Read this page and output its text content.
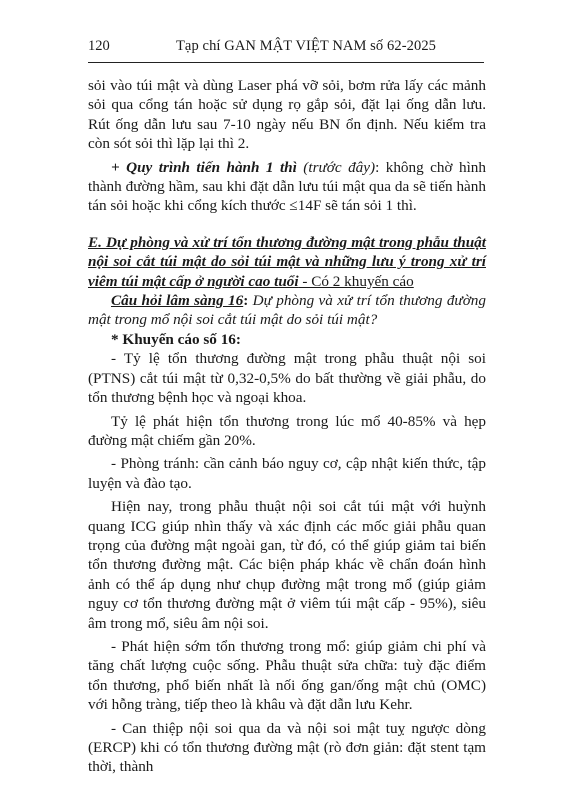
120	Tạp chí GAN MẬT VIỆT NAM số 62-2025

sỏi vào túi mật và dùng Laser phá vỡ sỏi, bơm rửa lấy các mảnh sỏi qua cổng tán hoặc sử dụng rọ gắp sỏi, đặt lại ống dẫn lưu. Rút ống dẫn lưu sau 7-10 ngày nếu BN ổn định. Nếu kiểm tra còn sót sỏi thì lặp lại thì 2.

+ Quy trình tiến hành 1 thì (trước đây): không chờ hình thành đường hầm, sau khi đặt dẫn lưu túi mật qua da sẽ tiến hành tán sỏi hoặc khi cổng kích thước ≤14F sẽ tán sỏi 1 thì.

E. Dự phòng và xử trí tổn thương đường mật trong phẫu thuật nội soi cắt túi mật do sỏi túi mật và những lưu ý trong xử trí viêm túi mật cấp ở người cao tuổi - Có 2 khuyến cáo

Câu hỏi lâm sàng 16: Dự phòng và xử trí tổn thương đường mật trong mổ nội soi cắt túi mật do sỏi túi mật?

* Khuyến cáo số 16:

- Tỷ lệ tổn thương đường mật trong phẫu thuật nội soi (PTNS) cắt túi mật từ 0,32-0,5% do bất thường về giải phẫu, do tổn thương bệnh học và ngoại khoa.

Tỷ lệ phát hiện tổn thương trong lúc mổ 40-85% và hẹp đường mật chiếm gần 20%.

- Phòng tránh: cần cảnh báo nguy cơ, cập nhật kiến thức, tập luyện và đào tạo.

Hiện nay, trong phẫu thuật nội soi cắt túi mật với huỳnh quang ICG giúp nhìn thấy và xác định các mốc giải phẫu quan trọng của đường mật ngoài gan, từ đó, có thể giúp giảm tai biến tổn thương đường mật. Các biện pháp khác về chẩn đoán hình ảnh có thể áp dụng như chụp đường mật trong mổ (giúp giảm nguy cơ tổn thương đường mật ở viêm túi mật cấp - 95%), siêu âm trong mổ, siêu âm nội soi.

- Phát hiện sớm tổn thương trong mổ: giúp giảm chi phí và tăng chất lượng cuộc sống. Phẫu thuật sửa chữa: tuỳ đặc điểm tổn thương, phổ biến nhất là nối ống gan/ống mật chủ (OMC) với hỗng tràng, tiếp theo là khâu và đặt dẫn lưu Kehr.

- Can thiệp nội soi qua da và nội soi mật tuỵ ngược dòng (ERCP) khi có tổn thương đường mật (rò đơn giản: đặt stent tạm thời, thành
